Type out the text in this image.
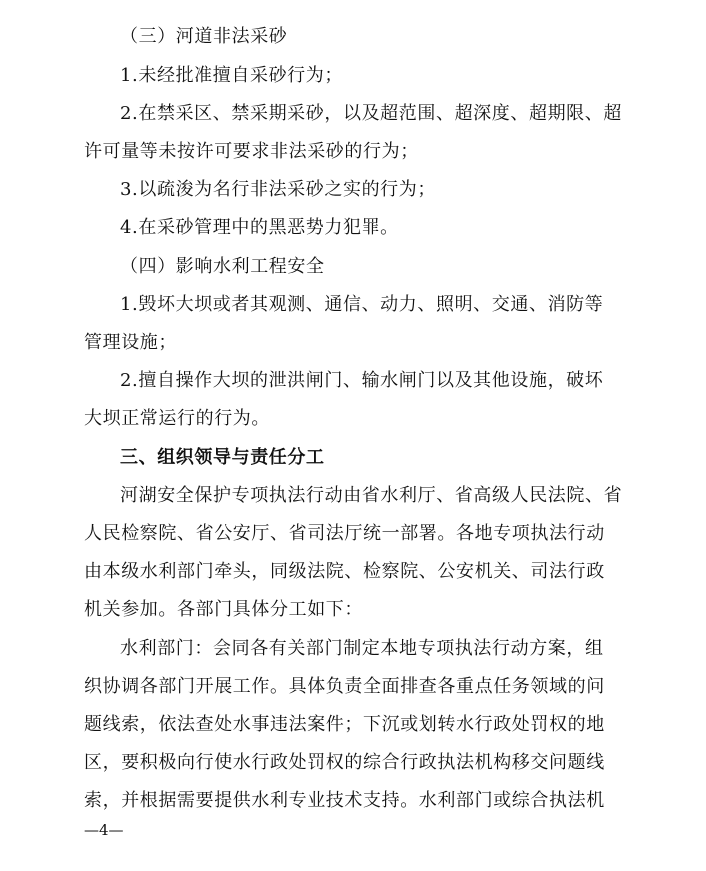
（三）河道非法采砂
1.未经批准擅自采砂行为；
2.在禁采区、禁采期采砂，以及超范围、超深度、超期限、超
许可量等未按许可要求非法采砂的行为；
3.以疏浚为名行非法采砂之实的行为；
4.在采砂管理中的黑恶势力犯罪。
（四）影响水利工程安全
1.毁坏大坝或者其观测、通信、动力、照明、交通、消防等
管理设施；
2.擅自操作大坝的泄洪闸门、输水闸门以及其他设施，破坏
大坝正常运行的行为。
三、组织领导与责任分工
河湖安全保护专项执法行动由省水利厅、省高级人民法院、省
人民检察院、省公安厅、省司法厅统一部署。各地专项执法行动
由本级水利部门牵头，同级法院、检察院、公安机关、司法行政
机关参加。各部门具体分工如下：
水利部门：会同各有关部门制定本地专项执法行动方案，组
织协调各部门开展工作。具体负责全面排查各重点任务领域的问
题线索，依法查处水事违法案件；下沉或划转水行政处罚权的地
区，要积极向行使水行政处罚权的综合行政执法机构移交问题线
索，并根据需要提供水利专业技术支持。水利部门或综合执法机
—4—
